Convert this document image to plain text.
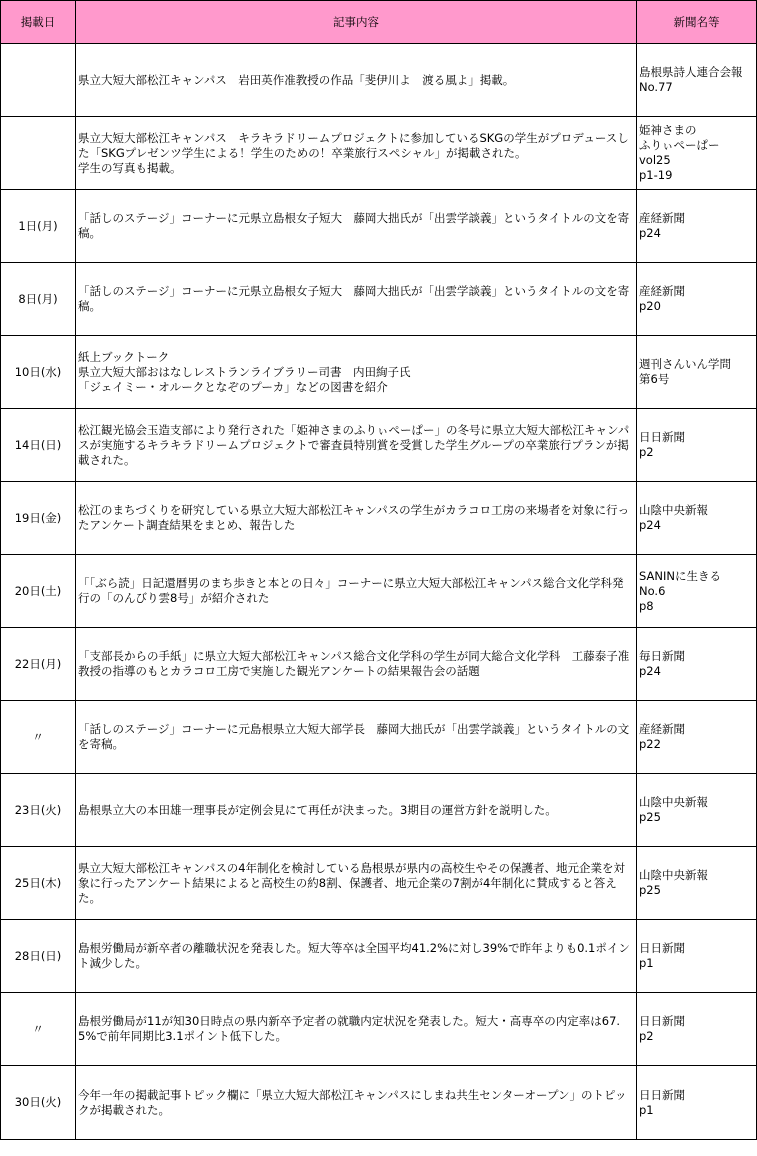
掲載日	記事内容	新聞名等
	県立大短大部松江キャンパス　岩田英作准教授の作品「斐伊川よ　渡る風よ」掲載。	島根県詩人連合会報
No.77
	県立大短大部松江キャンパス　キラキラドリームプロジェクトに参加しているSKGの学生がプロデュースした「SKGプレゼンツ学生による！学生のための！卒業旅行スペシャル」が掲載された。
学生の写真も掲載。	姫神さまの
ふりぃぺーぱー
vol25
p1-19
1日(月)	「話しのステージ」コーナーに元県立島根女子短大　藤岡大拙氏が「出雲学談義」というタイトルの文を寄稿。	産経新聞
p24
8日(月)	「話しのステージ」コーナーに元県立島根女子短大　藤岡大拙氏が「出雲学談義」というタイトルの文を寄稿。	産経新聞
p20
10日(水)	紙上ブックトーク
県立大短大部おはなしレストランライブラリー司書　内田絢子氏
「ジェイミー・オルークとなぞのプーカ」などの図書を紹介	週刊さんいん学問
第6号
14日(日)	松江観光協会玉造支部により発行された「姫神さまのふりぃぺーぱー」の冬号に県立大短大部松江キャンパスが実施するキラキラドリームプロジェクトで審査員特別賞を受賞した学生グループの卒業旅行プランが掲載された。	日日新聞
p2
19日(金)	松江のまちづくりを研究している県立大短大部松江キャンパスの学生がカラコロ工房の来場者を対象に行ったアンケート調査結果をまとめ、報告した	山陰中央新報
p24
20日(土)	「「ぶら読」日記還暦男のまち歩きと本との日々」コーナーに県立大短大部松江キャンパス総合文化学科発行の「のんびり雲8号」が紹介された	SANINに生きる
No.6
p8
22日(月)	「支部長からの手紙」に県立大短大部松江キャンパス総合文化学科の学生が同大総合文化学科　工藤泰子准教授の指導のもとカラコロ工房で実施した観光アンケートの結果報告会の話題	毎日新聞
p24
〃	「話しのステージ」コーナーに元島根県立大短大部学長　藤岡大拙氏が「出雲学談義」というタイトルの文を寄稿。	産経新聞
p22
23日(火)	島根県立大の本田雄一理事長が定例会見にて再任が決まった。3期目の運営方針を説明した。	山陰中央新報
p25
25日(木)	県立大短大部松江キャンパスの4年制化を検討している島根県が県内の高校生やその保護者、地元企業を対象に行ったアンケート結果によると高校生の約8割、保護者、地元企業の7割が4年制化に賛成すると答えた。	山陰中央新報
p25
28日(日)	島根労働局が新卒者の離職状況を発表した。短大等卒は全国平均41.2%に対し39%で昨年よりも0.1ポイント減少した。	日日新聞
p1
〃	島根労働局が11が知30日時点の県内新卒予定者の就職内定状況を発表した。短大・高専卒の内定率は67.5%で前年同期比3.1ポイント低下した。	日日新聞
p2
30日(火)	今年一年の掲載記事トピック欄に「県立大短大部松江キャンパスにしまね共生センターオープン」のトピックが掲載された。	日日新聞
p1
